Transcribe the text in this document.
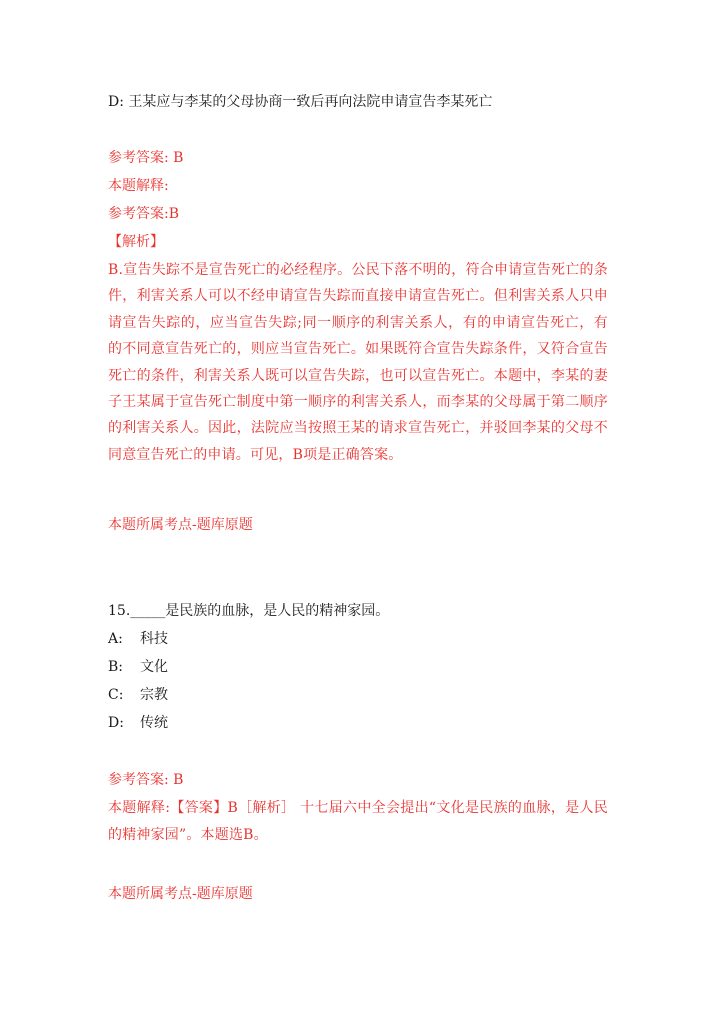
D: 王某应与李某的父母协商一致后再向法院申请宣告李某死亡

参考答案: B

本题解释:

参考答案:B

【解析】

B.宣告失踪不是宣告死亡的必经程序。公民下落不明的，符合申请宣告死亡的条件，利害关系人可以不经申请宣告失踪而直接申请宣告死亡。但利害关系人只申请宣告失踪的，应当宣告失踪;同一顺序的利害关系人，有的申请宣告死亡，有的不同意宣告死亡的，则应当宣告死亡。如果既符合宣告失踪条件，又符合宣告死亡的条件，利害关系人既可以宣告失踪，也可以宣告死亡。本题中，李某的妻子王某属于宣告死亡制度中第一顺序的利害关系人，而李某的父母属于第二顺序的利害关系人。因此，法院应当按照王某的请求宣告死亡，并驳回李某的父母不同意宣告死亡的申请。可见，B项是正确答案。

本题所属考点-题库原题

15._____是民族的血脉，是人民的精神家园。

A: 科技

B: 文化

C: 宗教

D: 传统

参考答案: B

本题解释:【答案】B［解析］ 十七届六中全会提出“文化是民族的血脉，是人民的精神家园”。本题选B。

本题所属考点-题库原题
